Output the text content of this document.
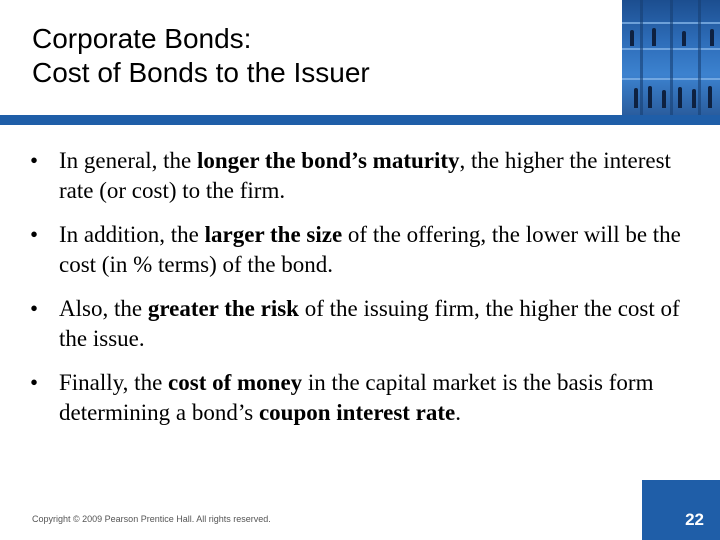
Corporate Bonds:
Cost of Bonds to the Issuer
• In general, the longer the bond’s maturity, the higher the interest rate (or cost) to the firm.
• In addition, the larger the size of the offering, the lower will be the cost (in % terms) of the bond.
• Also, the greater the risk of the issuing firm, the higher the cost of the issue.
• Finally, the cost of money in the capital market is the basis form determining a bond’s coupon interest rate.
Copyright © 2009 Pearson Prentice Hall. All rights reserved.	22
